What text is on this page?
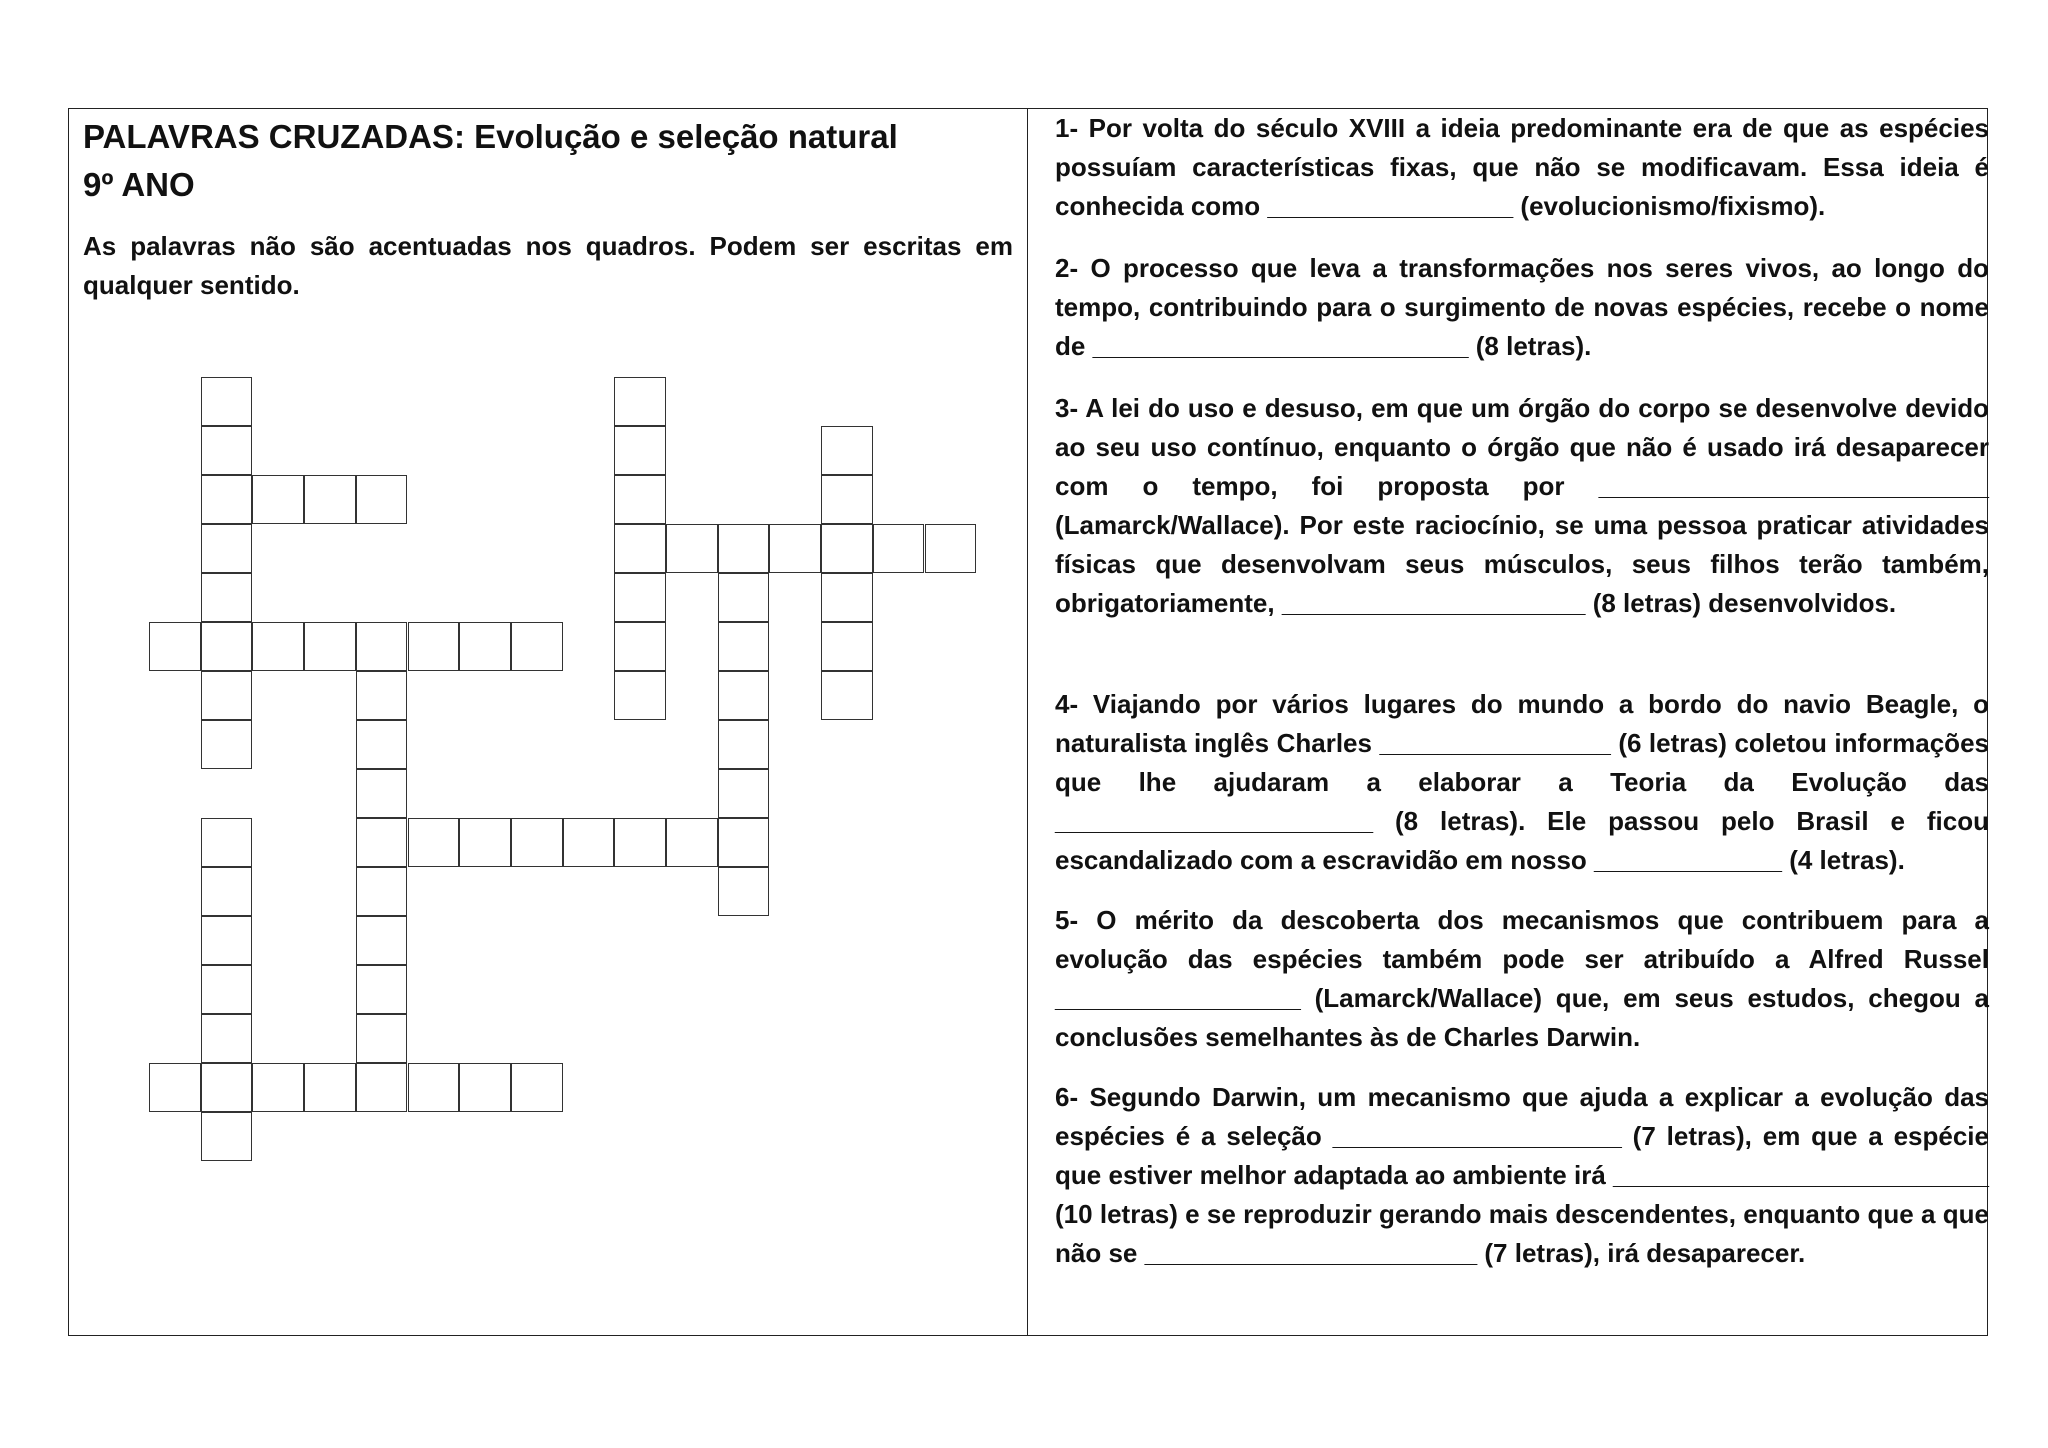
PALAVRAS CRUZADAS: Evolução e seleção natural
9º ANO

As palavras não são acentuadas nos quadros. Podem ser escritas em qualquer sentido.

1- Por volta do século XVIII a ideia predominante era de que as espécies possuíam características fixas, que não se modificavam. Essa ideia é conhecida como _________________ (evolucionismo/fixismo).

2- O processo que leva a transformações nos seres vivos, ao longo do tempo, contribuindo para o surgimento de novas espécies, recebe o nome de __________________________ (8 letras).

3- A lei do uso e desuso, em que um órgão do corpo se desenvolve devido ao seu uso contínuo, enquanto o órgão que não é usado irá desaparecer com o tempo, foi proposta por ___________________________ (Lamarck/Wallace). Por este raciocínio, se uma pessoa praticar atividades físicas que desenvolvam seus músculos, seus filhos terão também, obrigatoriamente, _____________________ (8 letras) desenvolvidos.

4- Viajando por vários lugares do mundo a bordo do navio Beagle, o naturalista inglês Charles ________________ (6 letras) coletou informações que lhe ajudaram a elaborar a Teoria da Evolução das ______________________ (8 letras). Ele passou pelo Brasil e ficou escandalizado com a escravidão em nosso _____________ (4 letras).

5- O mérito da descoberta dos mecanismos que contribuem para a evolução das espécies também pode ser atribuído a Alfred Russel _________________ (Lamarck/Wallace) que, em seus estudos, chegou a conclusões semelhantes às de Charles Darwin.

6- Segundo Darwin, um mecanismo que ajuda a explicar a evolução das espécies é a seleção ____________________ (7 letras), em que a espécie que estiver melhor adaptada ao ambiente irá __________________________ (10 letras) e se reproduzir gerando mais descendentes, enquanto que a que não se _______________________ (7 letras), irá desaparecer.
